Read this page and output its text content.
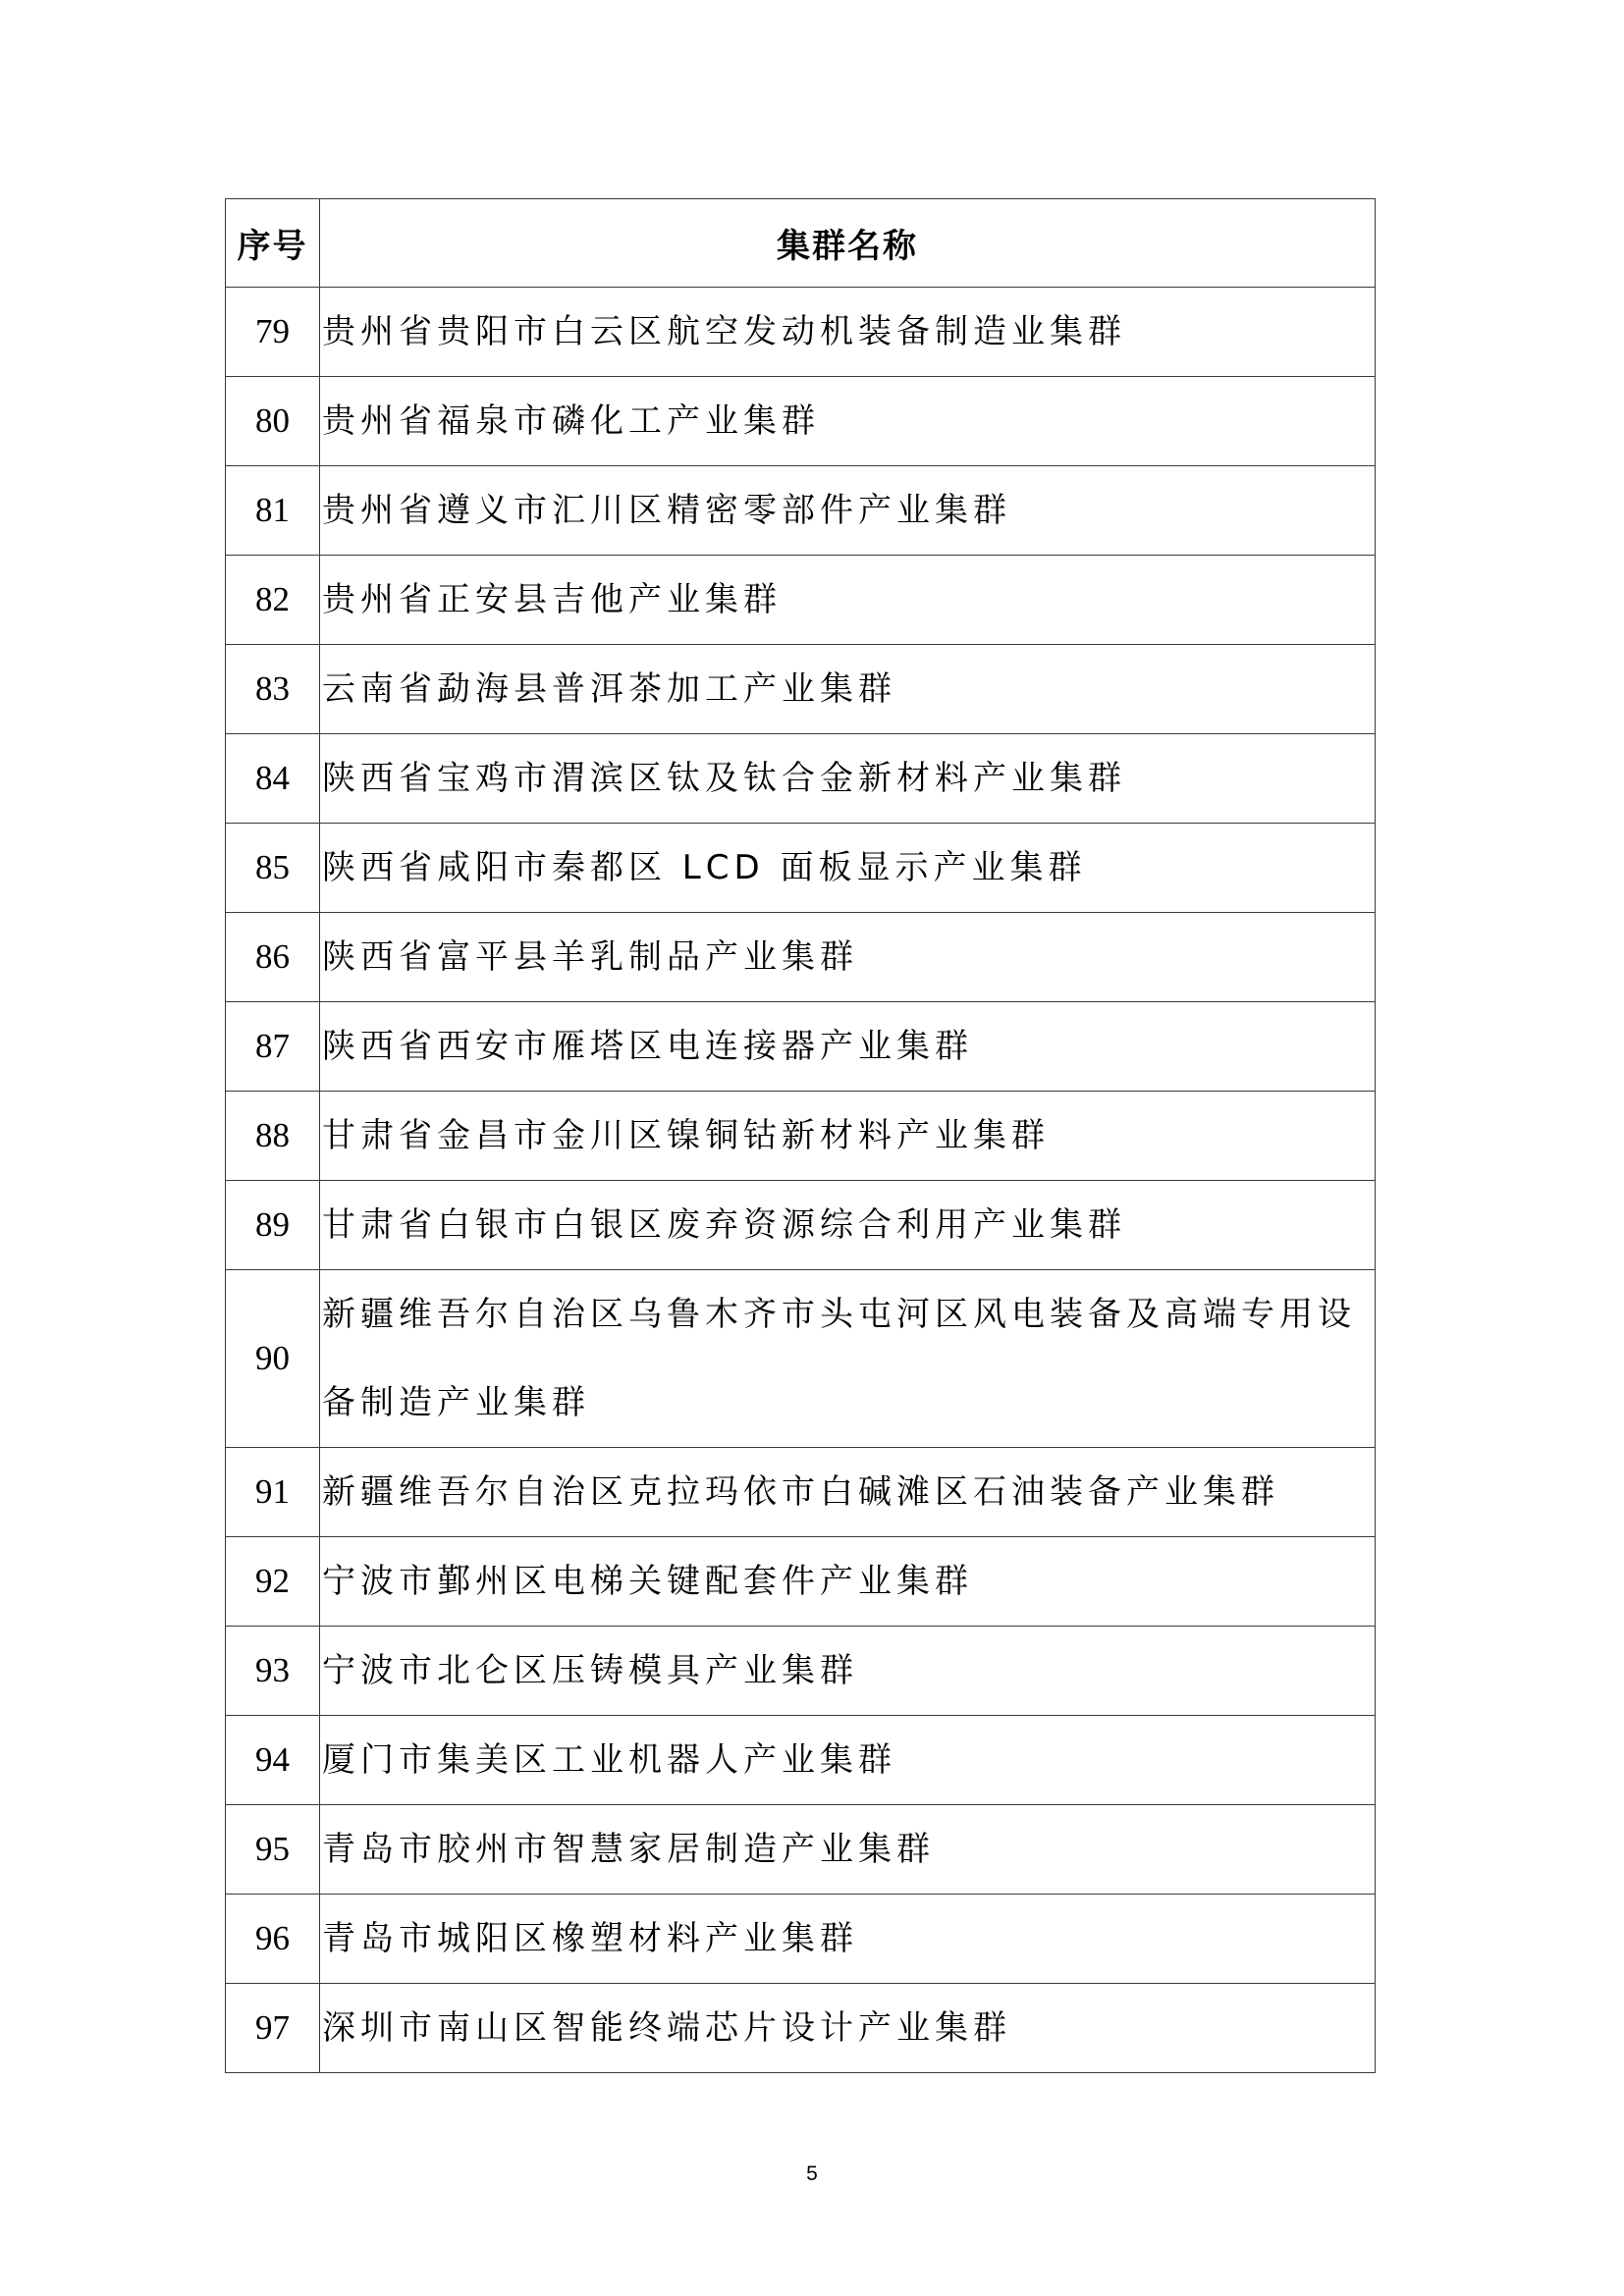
序号	集群名称
79	贵州省贵阳市白云区航空发动机装备制造业集群
80	贵州省福泉市磷化工产业集群
81	贵州省遵义市汇川区精密零部件产业集群
82	贵州省正安县吉他产业集群
83	云南省勐海县普洱茶加工产业集群
84	陕西省宝鸡市渭滨区钛及钛合金新材料产业集群
85	陕西省咸阳市秦都区 LCD 面板显示产业集群
86	陕西省富平县羊乳制品产业集群
87	陕西省西安市雁塔区电连接器产业集群
88	甘肃省金昌市金川区镍铜钴新材料产业集群
89	甘肃省白银市白银区废弃资源综合利用产业集群
90	新疆维吾尔自治区乌鲁木齐市头屯河区风电装备及高端专用设备制造产业集群
91	新疆维吾尔自治区克拉玛依市白碱滩区石油装备产业集群
92	宁波市鄞州区电梯关键配套件产业集群
93	宁波市北仑区压铸模具产业集群
94	厦门市集美区工业机器人产业集群
95	青岛市胶州市智慧家居制造产业集群
96	青岛市城阳区橡塑材料产业集群
97	深圳市南山区智能终端芯片设计产业集群
5
